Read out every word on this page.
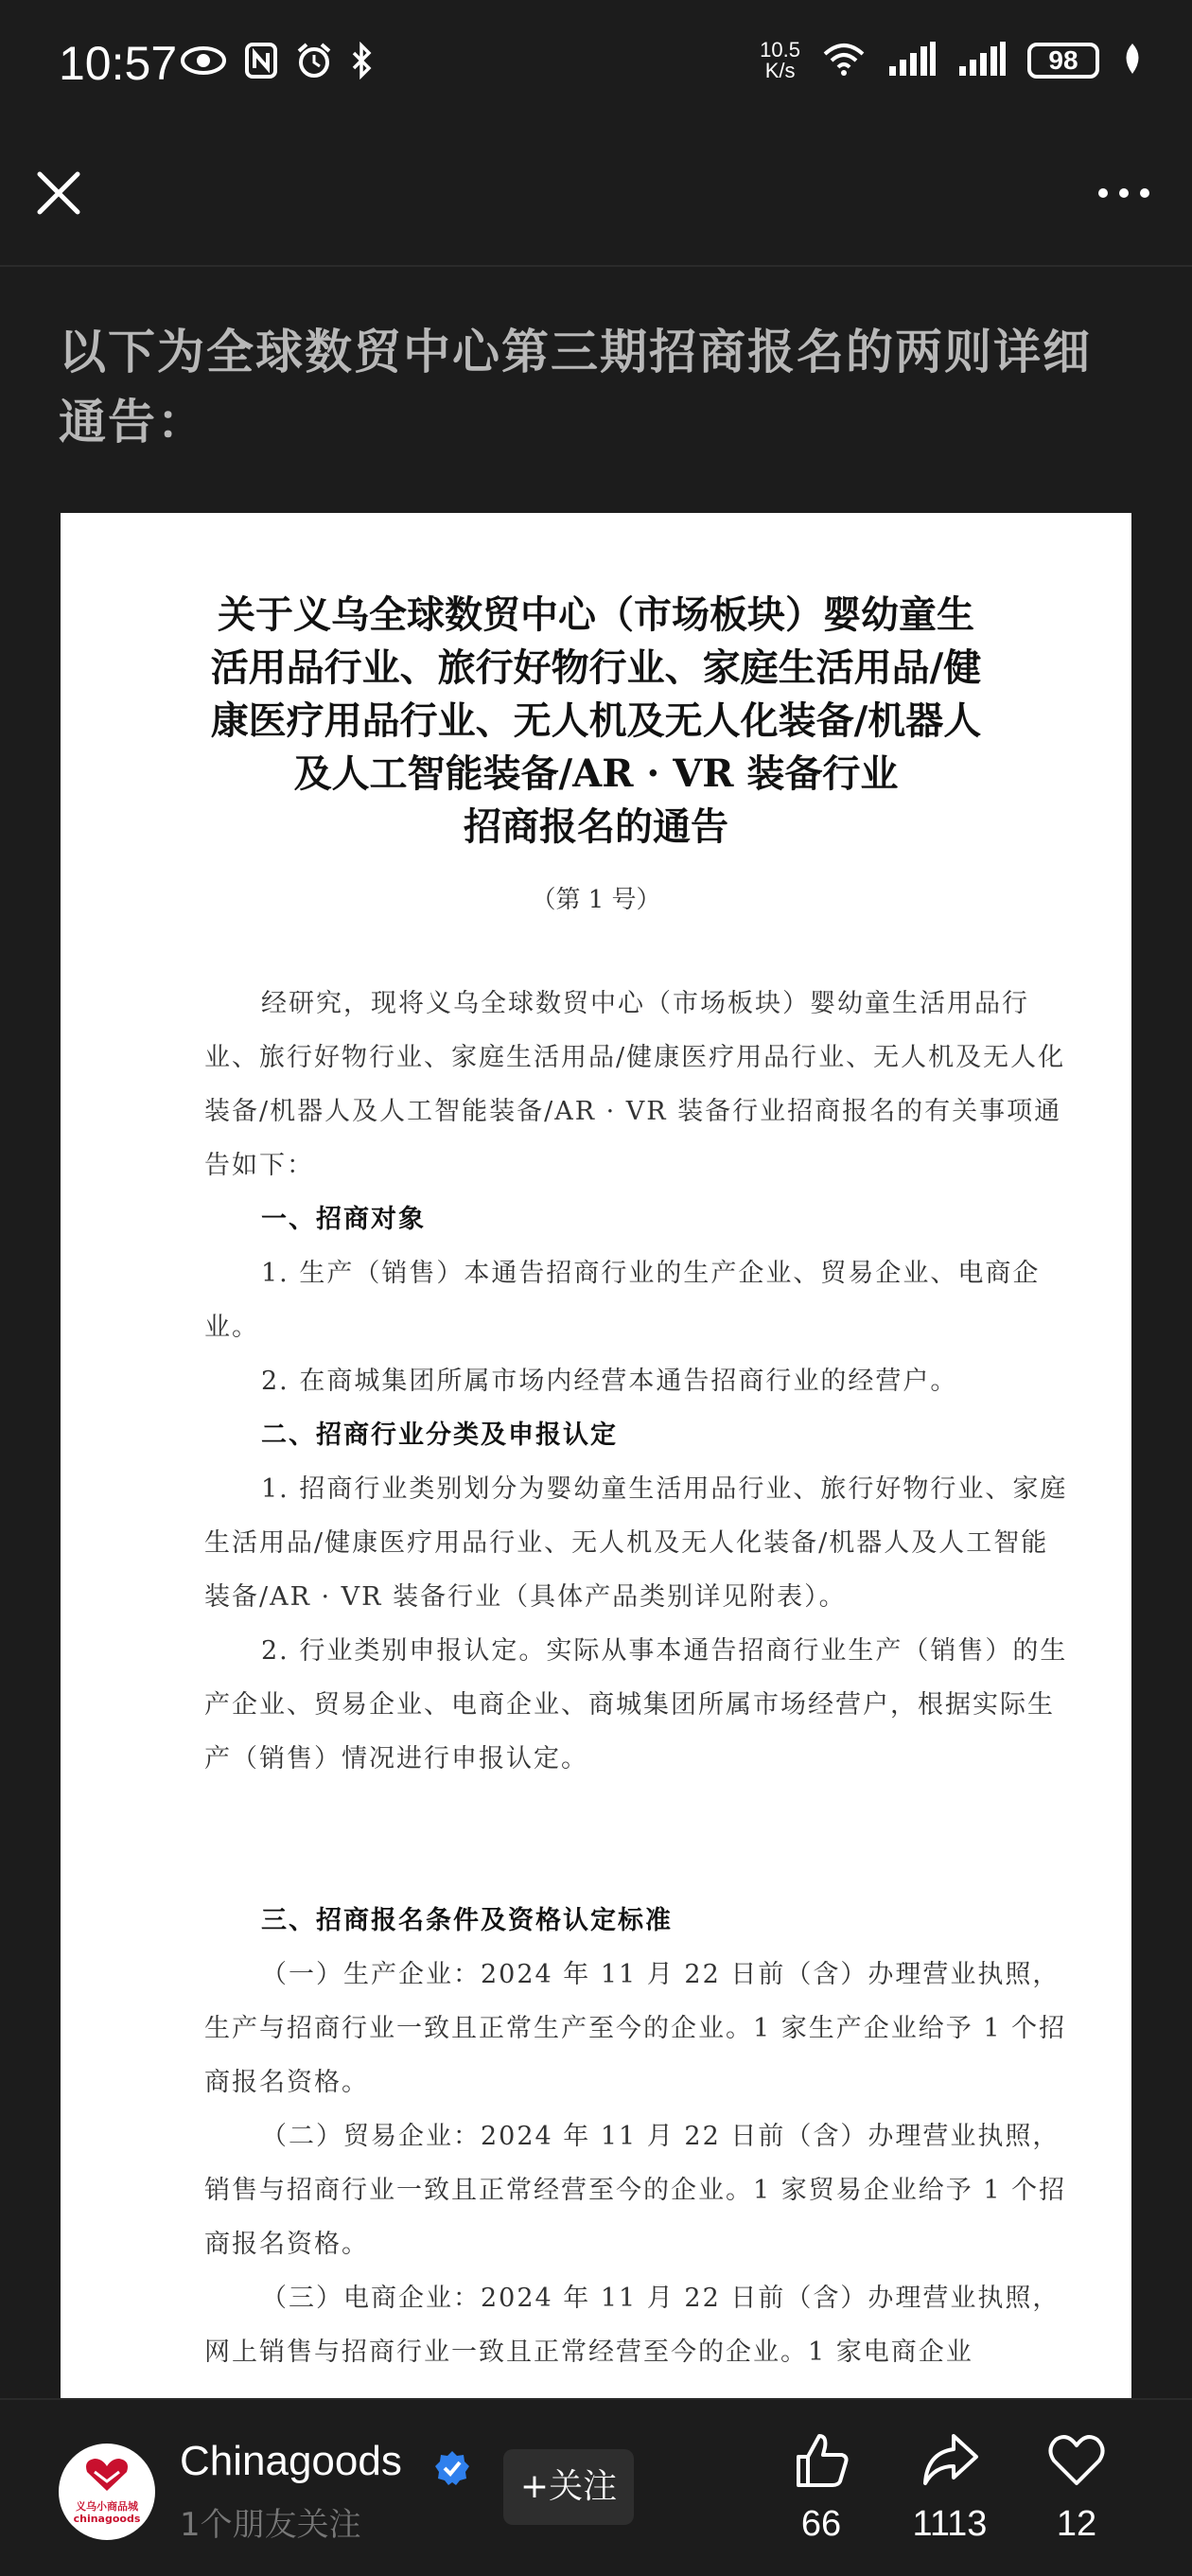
10:57	10.5
K/s	98
以下为全球数贸中心第三期招商报名的两则详细通告：
关于义乌全球数贸中心（市场板块）婴幼童生
活用品行业、旅行好物行业、家庭生活用品/健
康医疗用品行业、无人机及无人化装备/机器人
及人工智能装备/AR · VR 装备行业
招商报名的通告
（第 1 号）

经研究，现将义乌全球数贸中心（市场板块）婴幼童生活用品行业、旅行好物行业、家庭生活用品/健康医疗用品行业、无人机及无人化装备/机器人及人工智能装备/AR · VR 装备行业招商报名的有关事项通告如下：

一、招商对象

1. 生产（销售）本通告招商行业的生产企业、贸易企业、电商企业。

2. 在商城集团所属市场内经营本通告招商行业的经营户。

二、招商行业分类及申报认定

1. 招商行业类别划分为婴幼童生活用品行业、旅行好物行业、家庭生活用品/健康医疗用品行业、无人机及无人化装备/机器人及人工智能装备/AR · VR 装备行业（具体产品类别详见附表）。

2. 行业类别申报认定。实际从事本通告招商行业生产（销售）的生产企业、贸易企业、电商企业、商城集团所属市场经营户，根据实际生产（销售）情况进行申报认定。

三、招商报名条件及资格认定标准

（一）生产企业：2024 年 11 月 22 日前（含）办理营业执照，生产与招商行业一致且正常生产至今的企业。1 家生产企业给予 1 个招商报名资格。

（二）贸易企业：2024 年 11 月 22 日前（含）办理营业执照，销售与招商行业一致且正常经营至今的企业。1 家贸易企业给予 1 个招商报名资格。

（三）电商企业：2024 年 11 月 22 日前（含）办理营业执照，网上销售与招商行业一致且正常经营至今的企业。1 家电商企业

义乌小商品城
chinagoods
Chinagoods
1个朋友关注
+关注
66	1113	12
